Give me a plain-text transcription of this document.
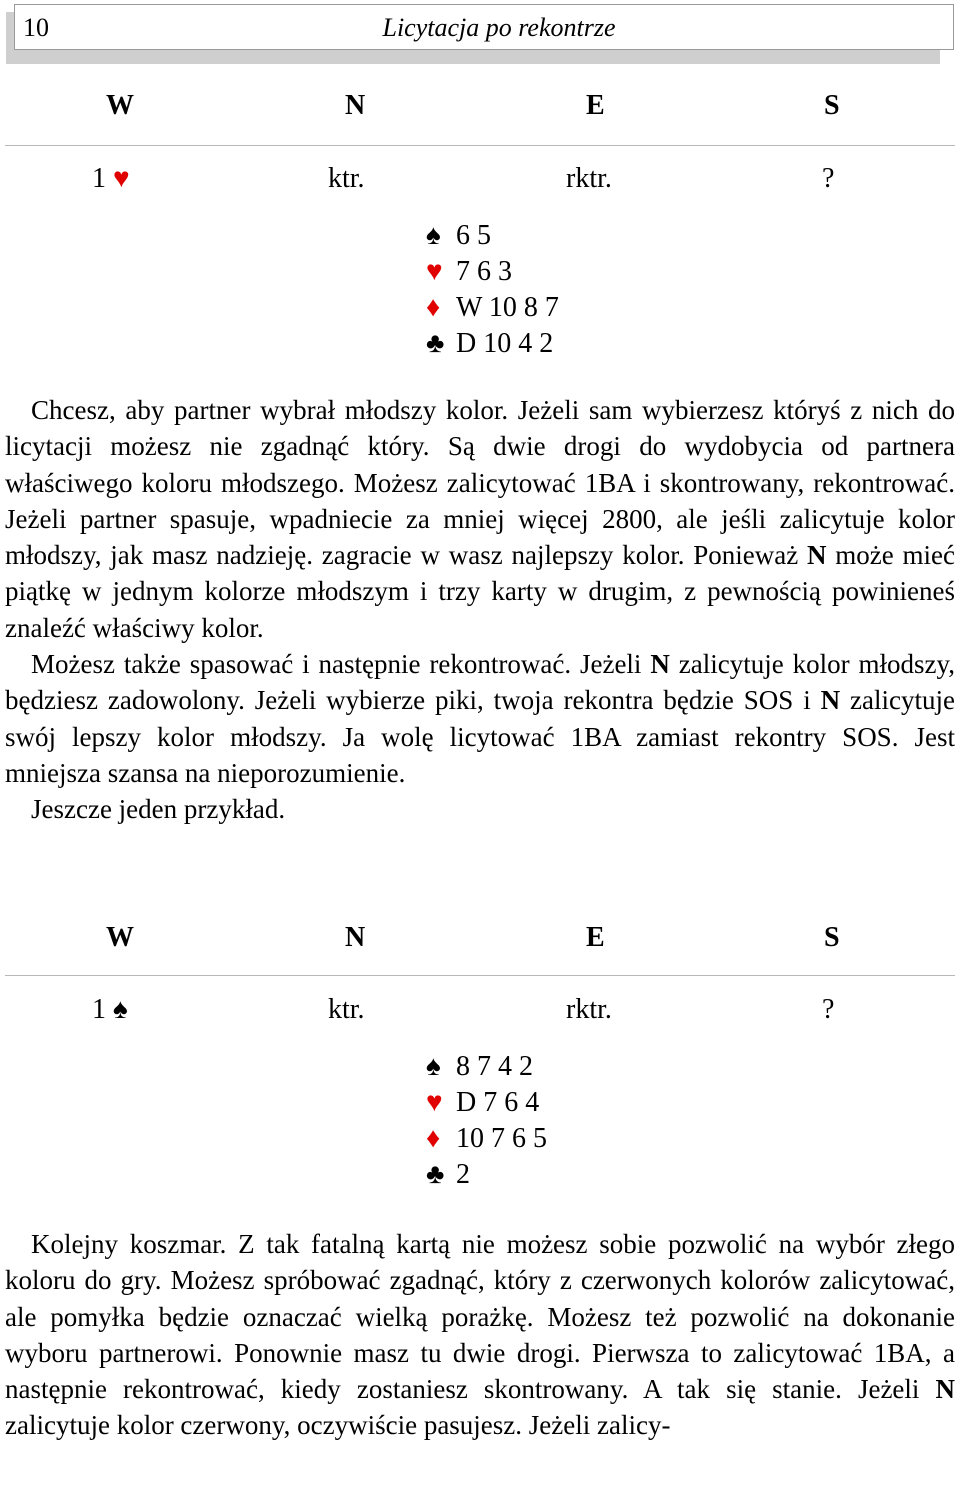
10	Licytacja po rekontrze
W	N	E	S
1 ♥	ktr.	rktr.	?
♠ 6 5
♥ 7 6 3
♦ W 10 8 7
♣ D 10 4 2

Chcesz, aby partner wybrał młodszy kolor. Jeżeli sam wybierzesz któryś z nich do licytacji możesz nie zgadnąć który. Są dwie drogi do wydobycia od partnera właściwego koloru młodszego. Możesz zalicytować 1BA i skontrowany, rekontrować. Jeżeli partner spasuje, wpadniecie za mniej więcej 2800, ale jeśli zalicytuje kolor młodszy, jak masz nadzieję. zagracie w wasz najlepszy kolor. Ponieważ N może mieć piątkę w jednym kolorze młodszym i trzy karty w drugim, z pewnością powinieneś znaleźć właściwy kolor.

Możesz także spasować i następnie rekontrować. Jeżeli N zalicytuje kolor młodszy, będziesz zadowolony. Jeżeli wybierze piki, twoja rekontra będzie SOS i N zalicytuje swój lepszy kolor młodszy. Ja wolę licytować 1BA zamiast rekontry SOS. Jest mniejsza szansa na nieporozumienie.

Jeszcze jeden przykład.

W	N	E	S
1 ♠	ktr.	rktr.	?
♠ 8 7 4 2
♥ D 7 6 4
♦ 10 7 6 5
♣ 2

Kolejny koszmar. Z tak fatalną kartą nie możesz sobie pozwolić na wybór złego koloru do gry. Możesz spróbować zgadnąć, który z czerwonych kolorów zalicytować, ale pomyłka będzie oznaczać wielką porażkę. Możesz też pozwolić na dokonanie wyboru partnerowi. Ponownie masz tu dwie drogi. Pierwsza to zalicytować 1BA, a następnie rekontrować, kiedy zostaniesz skontrowany. A tak się stanie. Jeżeli N zalicytuje kolor czerwony, oczywiście pasujesz. Jeżeli zalicy-
